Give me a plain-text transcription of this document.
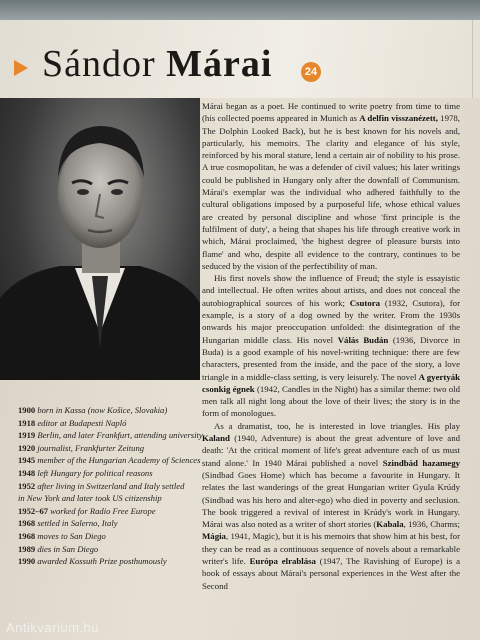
Sándor Márai	24
1900 born in Kassa (now Košice, Slovakia)
1918 editor at Budapesti Napló
1919 Berlin, and later Frankfurt, attending university
1920 journalist, Frankfurter Zeitung
1945 member of the Hungarian Academy of Sciences
1948 left Hungary for political reasons
1952 after living in Switzerland and Italy settled
in New York and later took US citizenship
1952–67 worked for Radio Free Europe
1968 settled in Salerno, Italy
1968 moves to San Diego
1989 dies in San Diego
1990 awarded Kossuth Prize posthumously

Márai began as a poet. He continued to write poetry from time to time (his collected poems appeared in Munich as A delfin visszanézett, 1978, The Dolphin Looked Back), but he is best known for his novels and, particularly, his memoirs. The clarity and elegance of his style, reinforced by his moral stature, lend a certain air of nobility to his prose. A true cosmopolitan, he was a defender of civil values; his later writings could be published in Hungary only after the downfall of Communism. Márai's exemplar was the individual who adhered faithfully to the cultural obligations imposed by a purposeful life, whose ethical values are created by personal discipline and whose 'first principle is the fulfilment of duty', a being that shapes his life through creative work in which, Márai proclaimed, 'the highest degree of pleasure bursts into flame' and who, despite all evidence to the contrary, continues to be seduced by the vision of the perfectibility of man.

His first novels show the influence of Freud; the style is essayistic and intellectual. He often writes about artists, and does not conceal the autobiographical sources of his work; Csutora (1932, Csutora), for example, is a story of a dog owned by the writer. From the 1930s onwards his major preoccupation unfolded: the disintegration of the Hungarian middle class. His novel Válás Budán (1936, Divorce in Buda) is a good example of his novel-writing technique: there are few characters, presented from the inside, and the pace of the story, a love triangle in a middle-class setting, is very leisurely. The novel A gyertyák csonkig égnek (1942, Candles in the Night) has a similar theme: two old men talk all night long about the love of their lives; the story is in the form of monologues.

As a dramatist, too, he is interested in love triangles. His play Kaland (1940, Adventure) is about the great adventure of love and death: 'At the critical moment of life's great adventure each of us must stand alone.' In 1940 Márai published a novel Szindbád hazamegy (Sindbad Goes Home) which has become a favourite in Hungary. It relates the last wanderings of the great Hungarian writer Gyula Krúdy (Sindbad was his hero and alter-ego) who died in poverty and seclusion. The book triggered a revival of interest in Krúdy's work in Hungary. Márai was also noted as a writer of short stories (Kabala, 1936, Charms; Mágia, 1941, Magic), but it is his memoirs that show him at his best, for they can be read as a continuous sequence of novels about a remarkable writer's life. Európa elrablása (1947, The Ravishing of Europe) is a book of essays about Márai's personal experiences in the West after the Second

Antikvarium.hu
